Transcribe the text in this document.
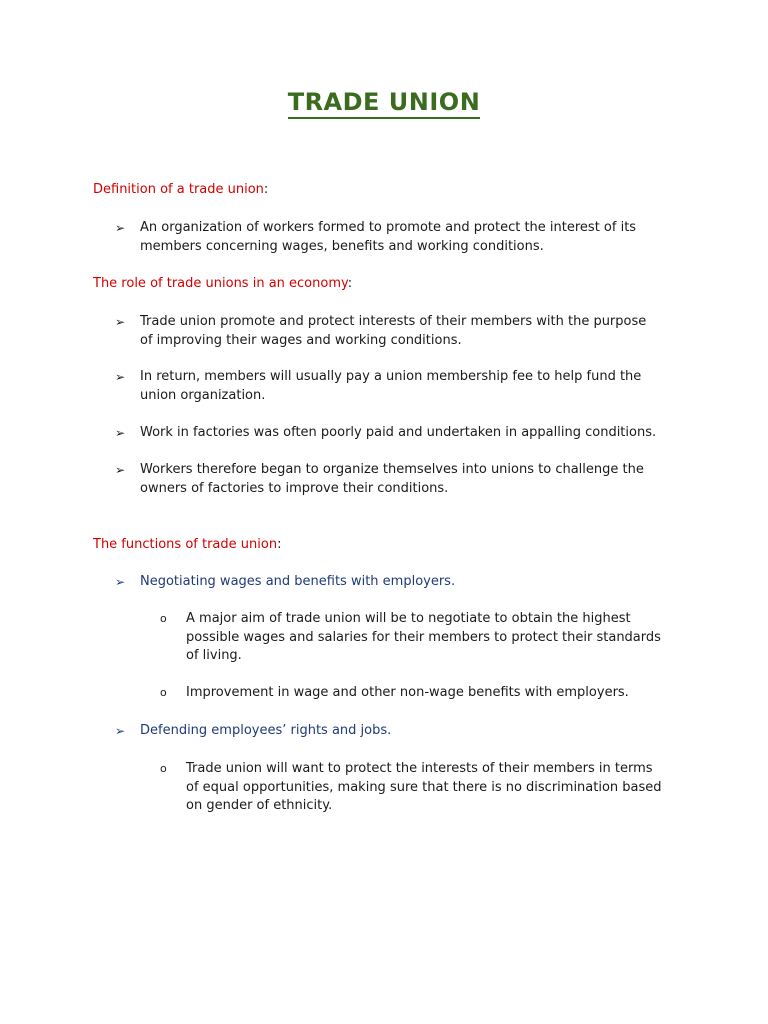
TRADE UNION
Definition of a trade union:
➢	An organization of workers formed to promote and protect the interest of its
members concerning wages, benefits and working conditions.
The role of trade unions in an economy:
➢	Trade union promote and protect interests of their members with the purpose
of improving their wages and working conditions.
➢	In return, members will usually pay a union membership fee to help fund the
union organization.
➢	Work in factories was often poorly paid and undertaken in appalling conditions.
➢	Workers therefore began to organize themselves into unions to challenge the
owners of factories to improve their conditions.
The functions of trade union:
➢	Negotiating wages and benefits with employers.
o A major aim of trade union will be to negotiate to obtain the highest
possible wages and salaries for their members to protect their standards
of living.
o Improvement in wage and other non-wage benefits with employers.
➢	Defending employees’ rights and jobs.
o Trade union will want to protect the interests of their members in terms
of equal opportunities, making sure that there is no discrimination based
on gender of ethnicity.
